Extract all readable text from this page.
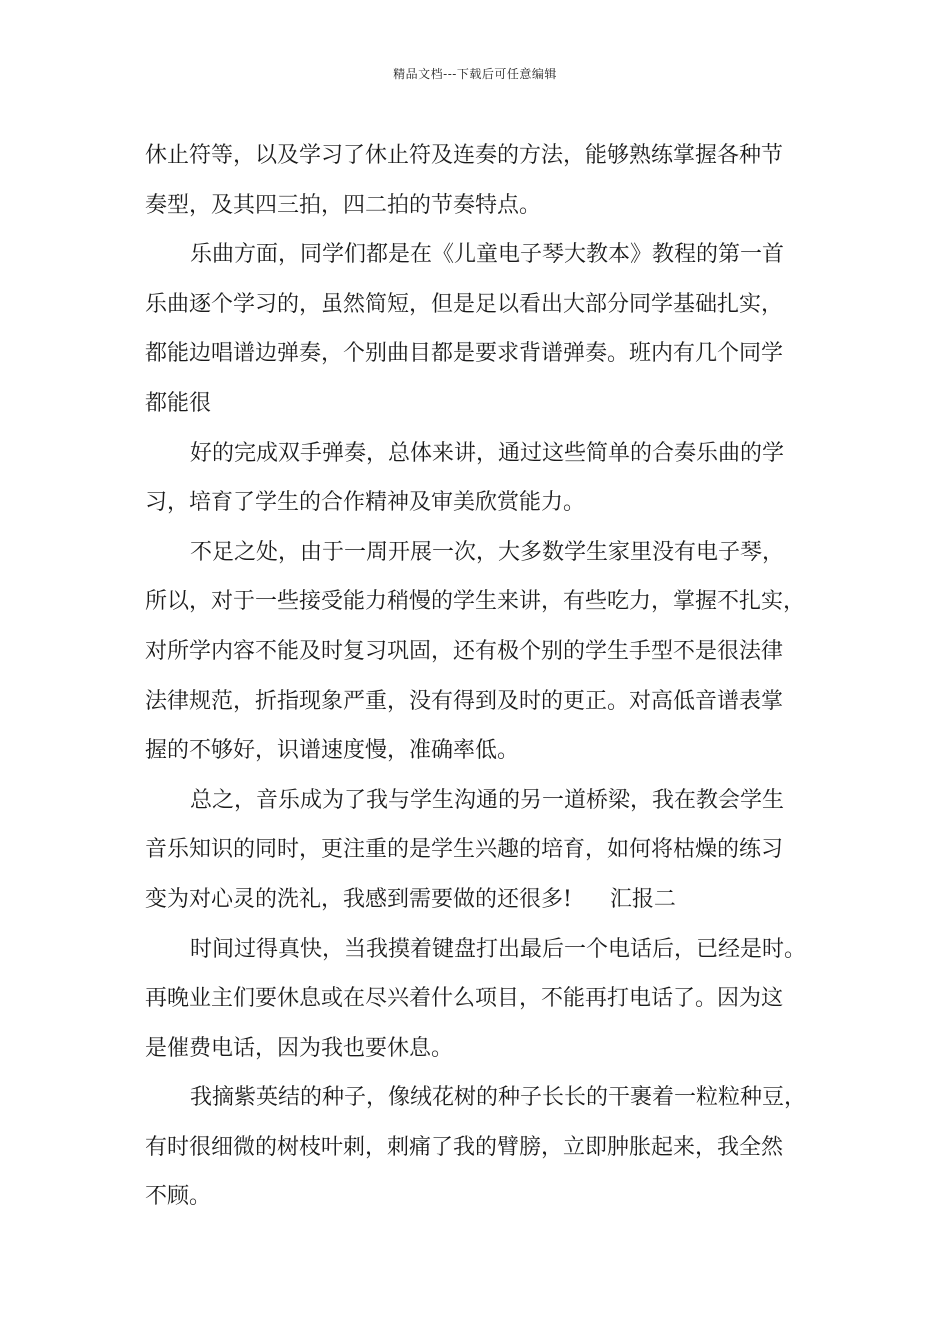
精品文档---下载后可任意编辑
休止符等，以及学习了休止符及连奏的方法，能够熟练掌握各种节
奏型，及其四三拍，四二拍的节奏特点。
乐曲方面，同学们都是在《儿童电子琴大教本》教程的第一首
乐曲逐个学习的，虽然简短，但是足以看出大部分同学基础扎实，
都能边唱谱边弹奏，个别曲目都是要求背谱弹奏。班内有几个同学
都能很
好的完成双手弹奏，总体来讲，通过这些简单的合奏乐曲的学
习，培育了学生的合作精神及审美欣赏能力。
不足之处，由于一周开展一次，大多数学生家里没有电子琴，
所以，对于一些接受能力稍慢的学生来讲，有些吃力，掌握不扎实，
对所学内容不能及时复习巩固，还有极个别的学生手型不是很法律
法律规范，折指现象严重，没有得到及时的更正。对高低音谱表掌
握的不够好，识谱速度慢，准确率低。
总之，音乐成为了我与学生沟通的另一道桥梁，我在教会学生
音乐知识的同时，更注重的是学生兴趣的培育，如何将枯燥的练习
变为对心灵的洗礼，我感到需要做的还很多! 汇报二
时间过得真快，当我摸着键盘打出最后一个电话后，已经是时。
再晚业主们要休息或在尽兴着什么项目，不能再打电话了。因为这
是催费电话，因为我也要休息。
我摘紫英结的种子，像绒花树的种子长长的干裹着一粒粒种豆，
有时很细微的树枝叶刺，刺痛了我的臂膀，立即肿胀起来，我全然
不顾。
